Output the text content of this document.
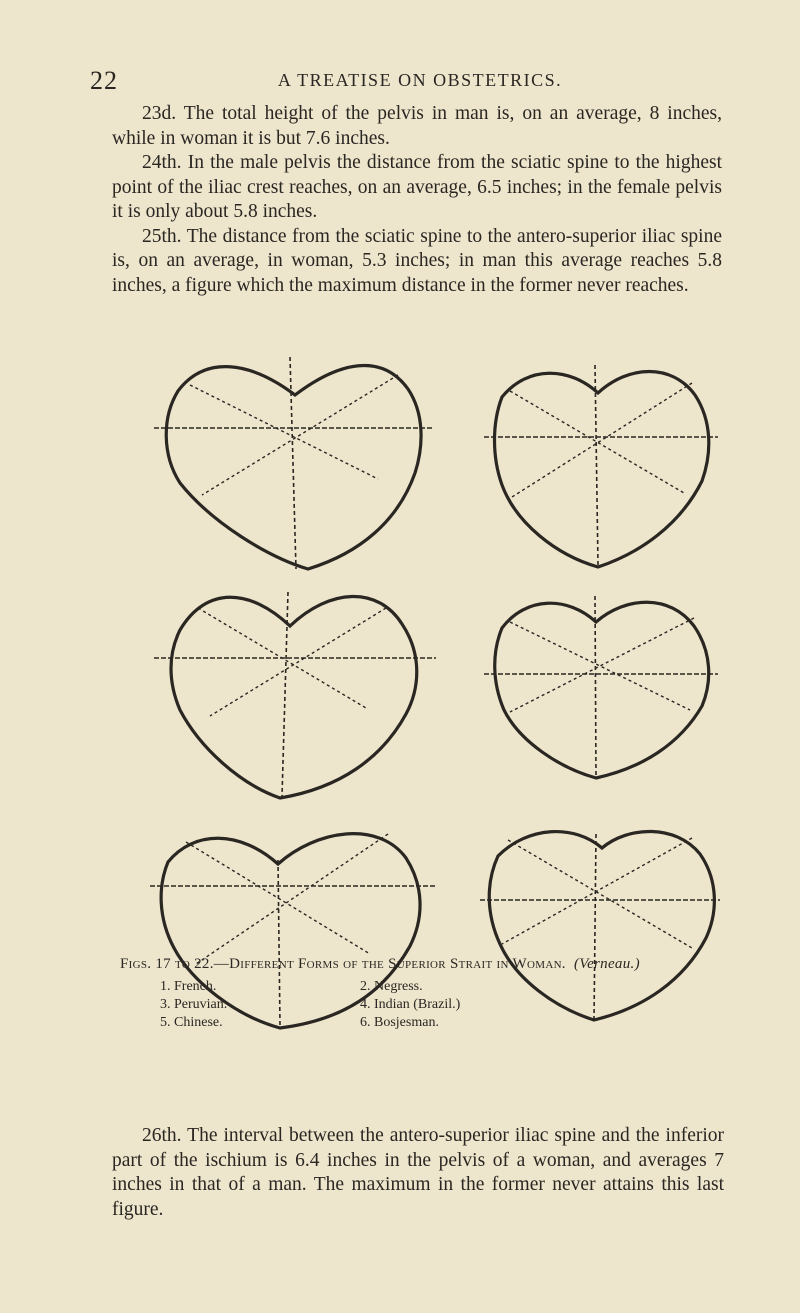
22	A TREATISE ON OBSTETRICS.

23d. The total height of the pelvis in man is, on an average, 8 inches, while in woman it is but 7.6 inches.

24th. In the male pelvis the distance from the sciatic spine to the highest point of the iliac crest reaches, on an average, 6.5 inches; in the female pelvis it is only about 5.8 inches.

25th. The distance from the sciatic spine to the antero-superior iliac spine is, on an average, in woman, 5.3 inches; in man this average reaches 5.8 inches, a figure which the maximum distance in the former never reaches.

Figs. 17 to 22.—Different Forms of the Superior Strait in Woman. (Verneau.)
1. French.	2. Negress.
3. Peruvian.	4. Indian (Brazil.)
5. Chinese.	6. Bosjesman.

26th. The interval between the antero-superior iliac spine and the inferior part of the ischium is 6.4 inches in the pelvis of a woman, and averages 7 inches in that of a man. The maximum in the former never attains this last figure.
